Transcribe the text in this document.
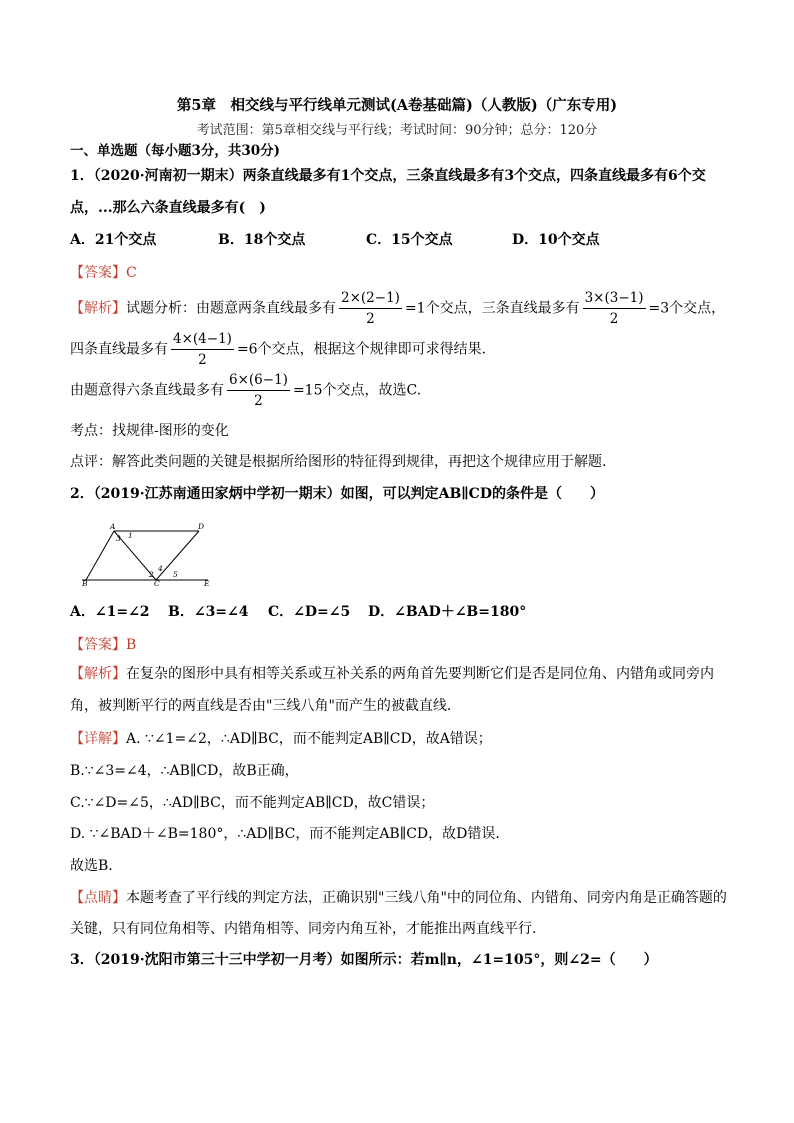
第5章　相交线与平行线单元测试(A卷基础篇)（人教版)（广东专用)
考试范围：第5章相交线与平行线；考试时间：90分钟；总分：120分
一、单选题（每小题3分，共30分)
1．（2020·河南初一期末）两条直线最多有1个交点，三条直线最多有3个交点，四条直线最多有6个交
点，...那么六条直线最多有(　)
A．21个交点	B．18个交点	C．15个交点	D．10个交点
【答案】C
【解析】试题分析：由题意两条直线最多有 $\frac{2\times(2-1)}{2} =1$个交点，三条直线最多有 $\frac{3\times(3-1)}{2} =3$个交点，
四条直线最多有 $\frac{4\times(4-1)}{2} =6$个交点，根据这个规律即可求得结果.
由题意得六条直线最多有 $\frac{6\times(6-1)}{2} =15$个交点，故选C.
考点：找规律-图形的变化
点评：解答此类问题的关键是根据所给图形的特征得到规律，再把这个规律应用于解题.
2．（2019·江苏南通田家炳中学初一期末）如图，可以判定AB∥CD的条件是（　　）
A	D
B	C	E
1
2
3
4
5
A．∠1=∠2 B．∠3=∠4 C．∠D=∠5 D．∠BAD＋∠B=180°
【答案】B
【解析】在复杂的图形中具有相等关系或互补关系的两角首先要判断它们是否是同位角、内错角或同旁内
角，被判断平行的两直线是否由"三线八角"而产生的被截直线.
【详解】A. ∵∠1=∠2，∴AD∥BC，而不能判定AB∥CD，故A错误；
B.∵∠3=∠4，∴AB∥CD，故B正确，
C.∵∠D=∠5，∴AD∥BC，而不能判定AB∥CD，故C错误；
D. ∵∠BAD＋∠B=180°，∴AD∥BC，而不能判定AB∥CD，故D错误.
故选B.
【点睛】本题考查了平行线的判定方法，正确识别"三线八角"中的同位角、内错角、同旁内角是正确答题的
关键，只有同位角相等、内错角相等、同旁内角互补，才能推出两直线平行.
3．（2019·沈阳市第三十三中学初一月考）如图所示：若m∥n，∠1=105°，则∠2=（　　）
